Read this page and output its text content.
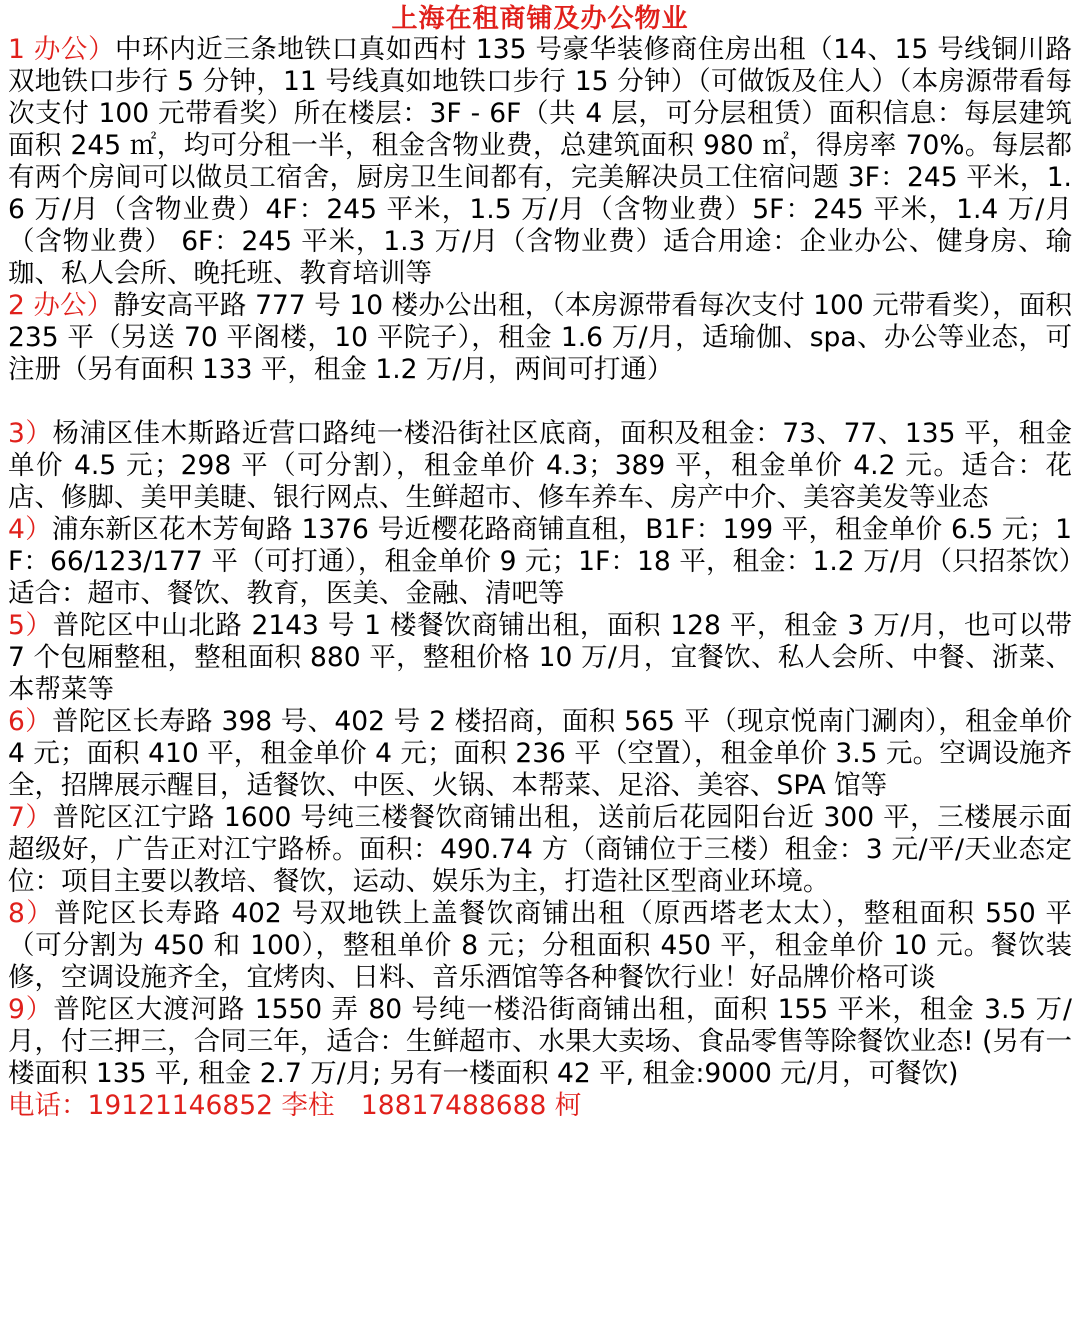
上海在租商铺及办公物业

1 办公）中环内近三条地铁口真如西村 135 号豪华装修商住房出租（14、15 号线铜川路双地铁口步行 5 分钟，11 号线真如地铁口步行 15 分钟）（可做饭及住人）（本房源带看每次支付 100 元带看奖）所在楼层：3F - 6F（共 4 层，可分层租赁）面积信息：每层建筑面积 245 ㎡，均可分租一半，租金含物业费，总建筑面积 980 ㎡，得房率 70%。每层都有两个房间可以做员工宿舍，厨房卫生间都有，完美解决员工住宿问题 3F：245 平米，1.6 万/月（含物业费）4F：245 平米，1.5 万/月（含物业费）5F：245 平米，1.4 万/月（含物业费） 6F：245 平米，1.3 万/月（含物业费）适合用途：企业办公、健身房、瑜珈、私人会所、晚托班、教育培训等

2 办公）静安高平路 777 号 10 楼办公出租，（本房源带看每次支付 100 元带看奖），面积 235 平（另送 70 平阁楼，10 平院子），租金 1.6 万/月，适瑜伽、spa、办公等业态，可注册（另有面积 133 平，租金 1.2 万/月，两间可打通）

3）杨浦区佳木斯路近营口路纯一楼沿街社区底商，面积及租金：73、77、135 平，租金单价 4.5 元；298 平（可分割），租金单价 4.3；389 平，租金单价 4.2 元。适合：花店、修脚、美甲美睫、银行网点、生鲜超市、修车养车、房产中介、美容美发等业态

4）浦东新区花木芳甸路 1376 号近樱花路商铺直租，B1F：199 平，租金单价 6.5 元；1F：66/123/177 平（可打通），租金单价 9 元；1F：18 平，租金：1.2 万/月（只招茶饮）适合：超市、餐饮、教育，医美、金融、清吧等

5）普陀区中山北路 2143 号 1 楼餐饮商铺出租，面积 128 平，租金 3 万/月，也可以带 7 个包厢整租，整租面积 880 平，整租价格 10 万/月，宜餐饮、私人会所、中餐、浙菜、本帮菜等

6）普陀区长寿路 398 号、402 号 2 楼招商，面积 565 平（现京悦南门涮肉），租金单价 4 元；面积 410 平，租金单价 4 元；面积 236 平（空置），租金单价 3.5 元。空调设施齐全，招牌展示醒目，适餐饮、中医、火锅、本帮菜、足浴、美容、SPA 馆等

7）普陀区江宁路 1600 号纯三楼餐饮商铺出租，送前后花园阳台近 300 平，三楼展示面超级好，广告正对江宁路桥。面积：490.74 方（商铺位于三楼）租金：3 元/平/天业态定位：项目主要以教培、餐饮，运动、娱乐为主，打造社区型商业环境。

8）普陀区长寿路 402 号双地铁上盖餐饮商铺出租（原西塔老太太），整租面积 550 平（可分割为 450 和 100），整租单价 8 元；分租面积 450 平，租金单价 10 元。餐饮装修，空调设施齐全，宜烤肉、日料、音乐酒馆等各种餐饮行业！好品牌价格可谈

9）普陀区大渡河路 1550 弄 80 号纯一楼沿街商铺出租，面积 155 平米，租金 3.5 万/月，付三押三，合同三年，适合：生鲜超市、水果大卖场、食品零售等除餐饮业态! (另有一楼面积 135 平, 租金 2.7 万/月; 另有一楼面积 42 平, 租金:9000 元/月，可餐饮)

电话：19121146852 李柱　18817488688 柯
